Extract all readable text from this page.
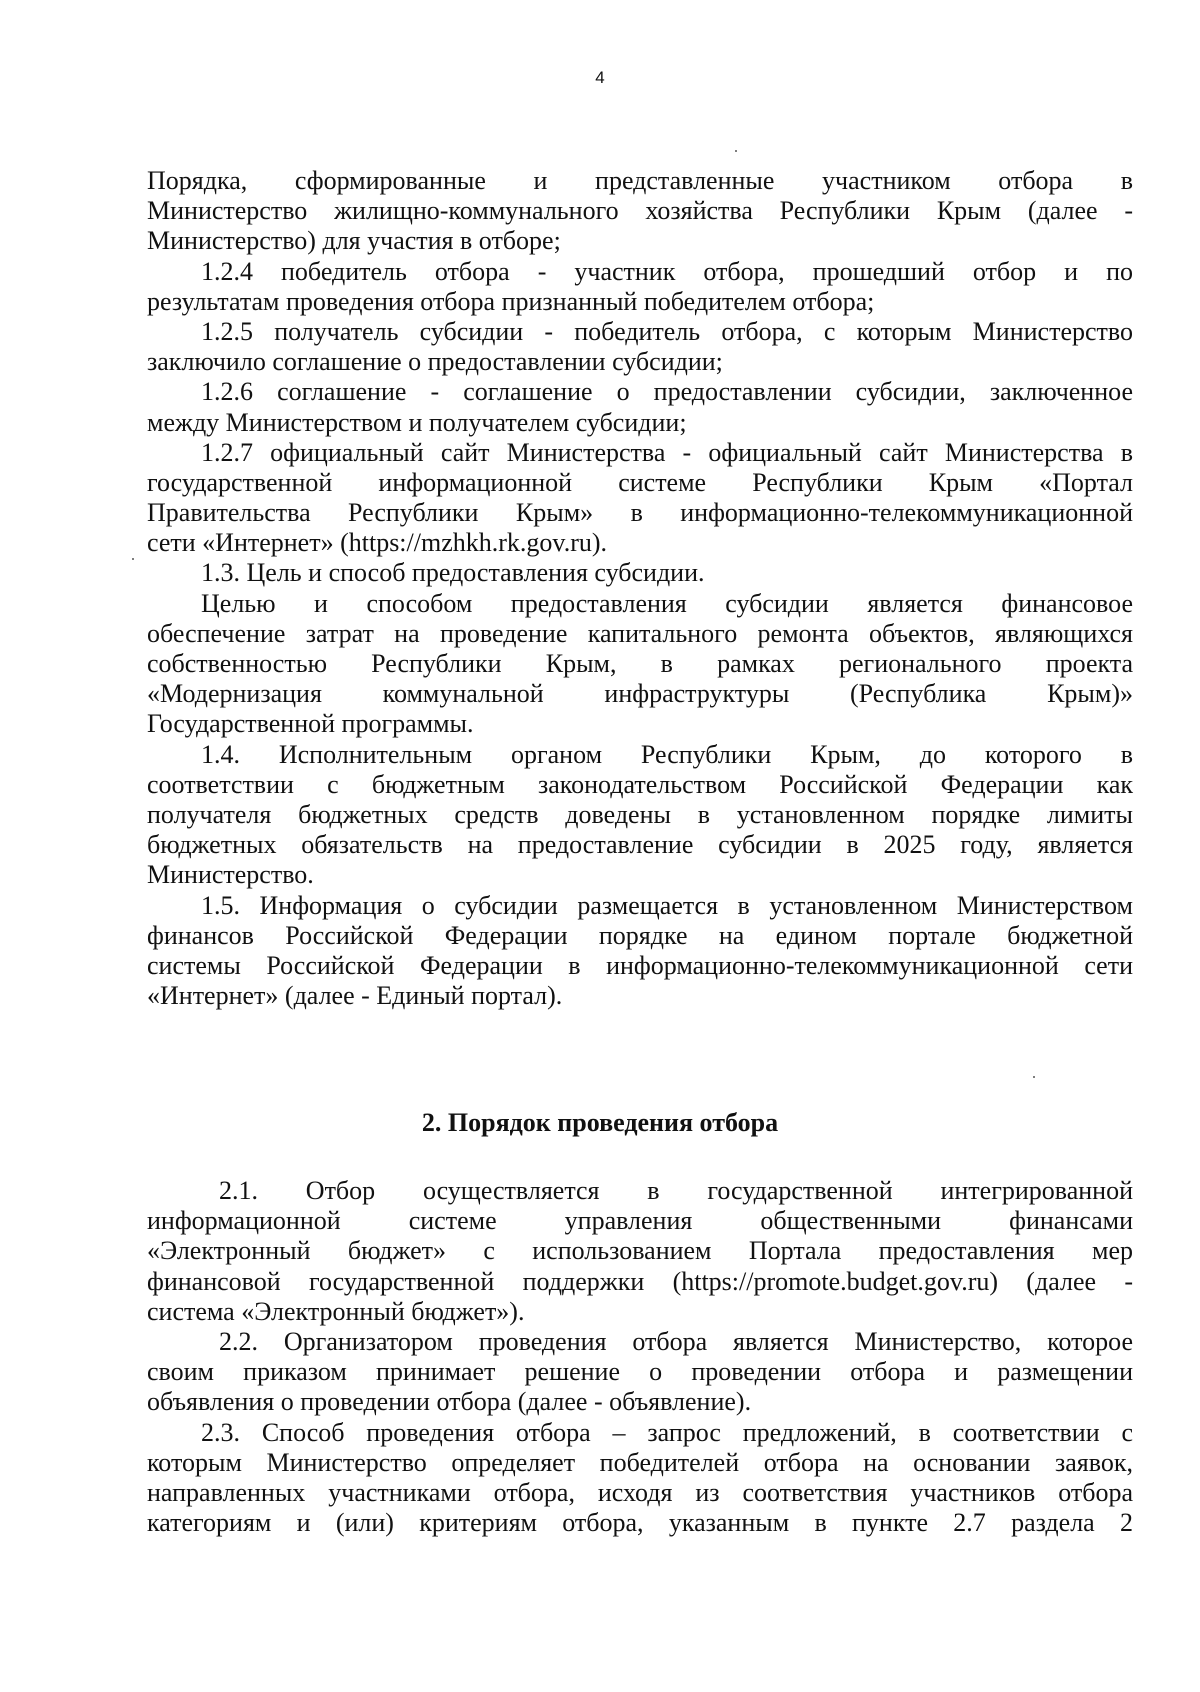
4
Порядка, сформированные и представленные участником отбора в
Министерство жилищно-коммунального хозяйства Республики Крым (далее -
Министерство) для участия в отборе;
1.2.4 победитель отбора - участник отбора, прошедший отбор и по
результатам проведения отбора признанный победителем отбора;
1.2.5 получатель субсидии - победитель отбора, с которым Министерство
заключило соглашение о предоставлении субсидии;
1.2.6 соглашение - соглашение о предоставлении субсидии, заключенное
между Министерством и получателем субсидии;
1.2.7 официальный сайт Министерства - официальный сайт Министерства в
государственной информационной системе Республики Крым «Портал
Правительства Республики Крым» в информационно-телекоммуникационной
сети «Интернет» (https://mzhkh.rk.gov.ru).
1.3. Цель и способ предоставления субсидии.
Целью и способом предоставления субсидии является финансовое
обеспечение затрат на проведение капитального ремонта объектов, являющихся
собственностью Республики Крым, в рамках регионального проекта
«Модернизация коммунальной инфраструктуры (Республика Крым)»
Государственной программы.
1.4. Исполнительным органом Республики Крым, до которого в
соответствии с бюджетным законодательством Российской Федерации как
получателя бюджетных средств доведены в установленном порядке лимиты
бюджетных обязательств на предоставление субсидии в 2025 году, является
Министерство.
1.5. Информация о субсидии размещается в установленном Министерством
финансов Российской Федерации порядке на едином портале бюджетной
системы Российской Федерации в информационно-телекоммуникационной сети
«Интернет» (далее - Единый портал).
2. Порядок проведения отбора
2.1. Отбор осуществляется в государственной интегрированной
информационной системе управления общественными финансами
«Электронный бюджет» с использованием Портала предоставления мер
финансовой государственной поддержки (https://promote.budget.gov.ru) (далее -
система «Электронный бюджет»).
2.2. Организатором проведения отбора является Министерство, которое
своим приказом принимает решение о проведении отбора и размещении
объявления о проведении отбора (далее - объявление).
2.3. Способ проведения отбора – запрос предложений, в соответствии с
которым Министерство определяет победителей отбора на основании заявок,
направленных участниками отбора, исходя из соответствия участников отбора
категориям и (или) критериям отбора, указанным в пункте 2.7 раздела 2
